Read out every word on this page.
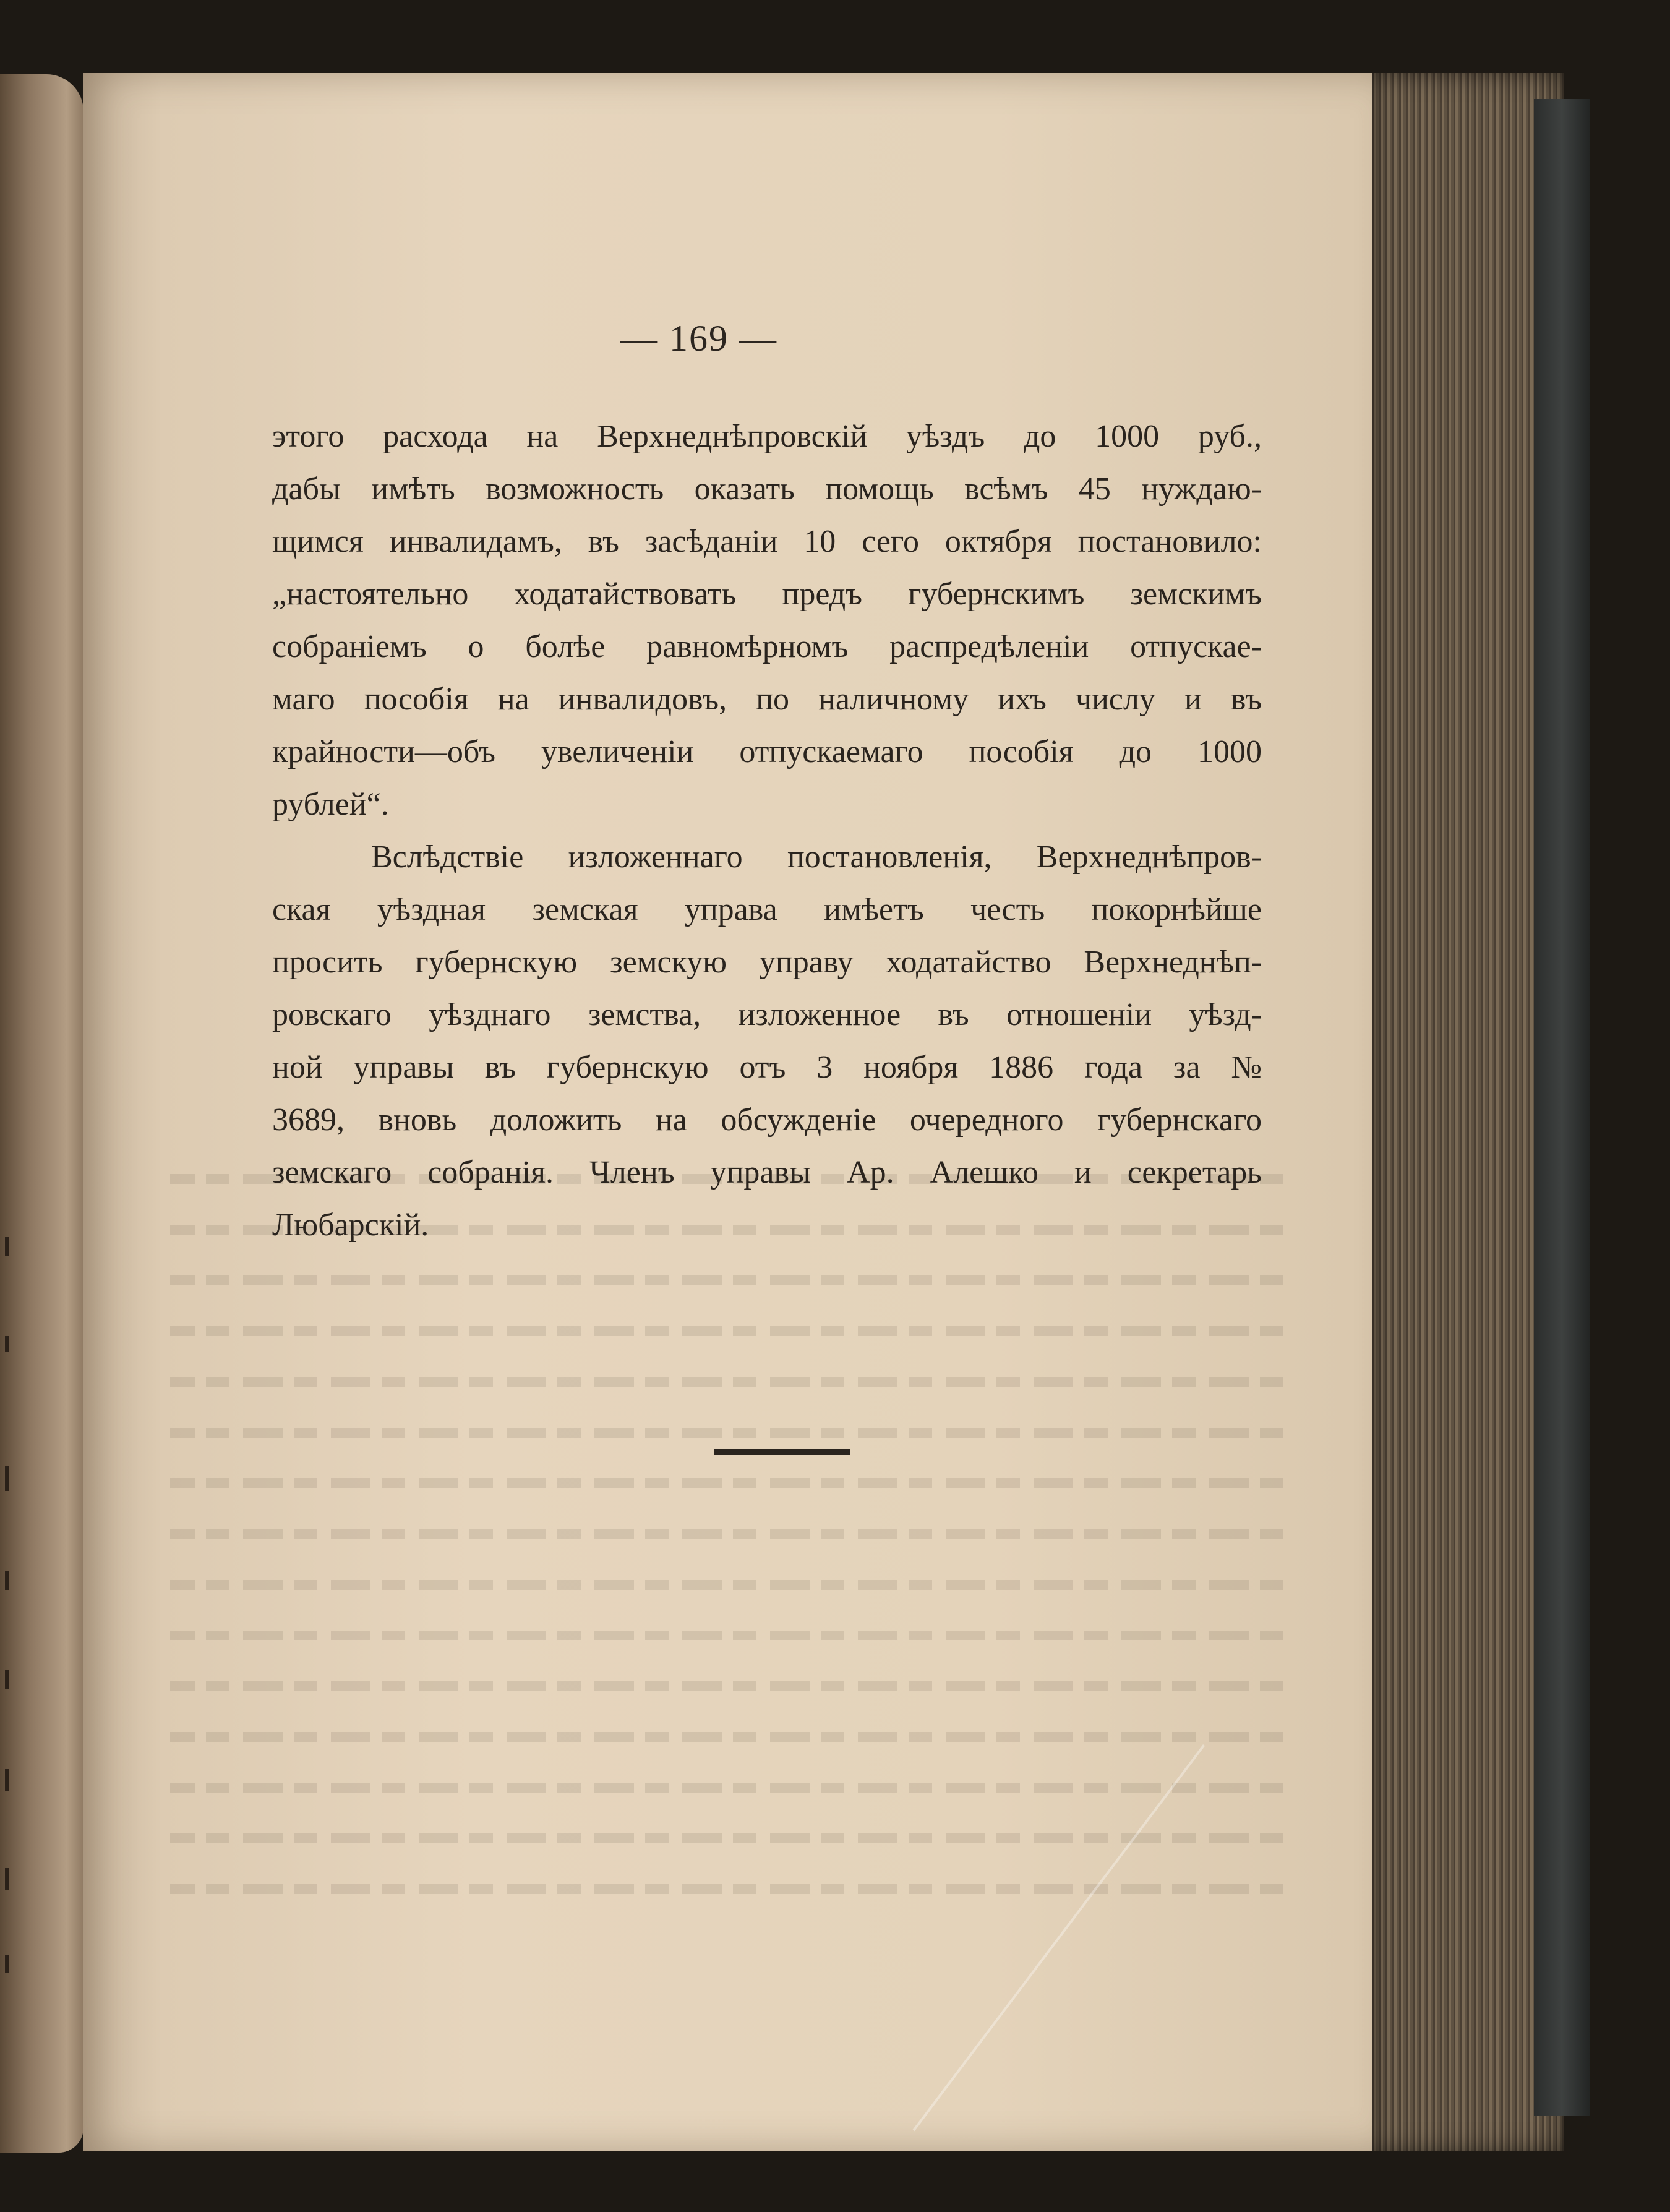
— 169 —
этого расхода на Верхнеднѣпровскій уѣздъ до 1000 руб.,
дабы имѣть возможность оказать помощь всѣмъ 45 нуждаю-
щимся инвалидамъ, въ засѣданіи 10 сего октября постановило:
„настоятельно ходатайствовать предъ губернскимъ земскимъ
собраніемъ о болѣе равномѣрномъ распредѣленіи отпускае-
маго пособія на инвалидовъ, по наличному ихъ числу и въ
крайности—объ увеличеніи отпускаемаго пособія до 1000
рублей“.
Вслѣдствіе изложеннаго постановленія, Верхнеднѣпров-
ская уѣздная земская управа имѣетъ честь покорнѣйше
просить губернскую земскую управу ходатайство Верхнеднѣп-
ровскаго уѣзднаго земства, изложенное въ отношеніи уѣзд-
ной управы въ губернскую отъ 3 ноября 1886 года за №
3689, вновь доложить на обсужденіе очередного губернскаго
земскаго собранія. Членъ управы Ар. Алешко и секретарь
Любарскій.
